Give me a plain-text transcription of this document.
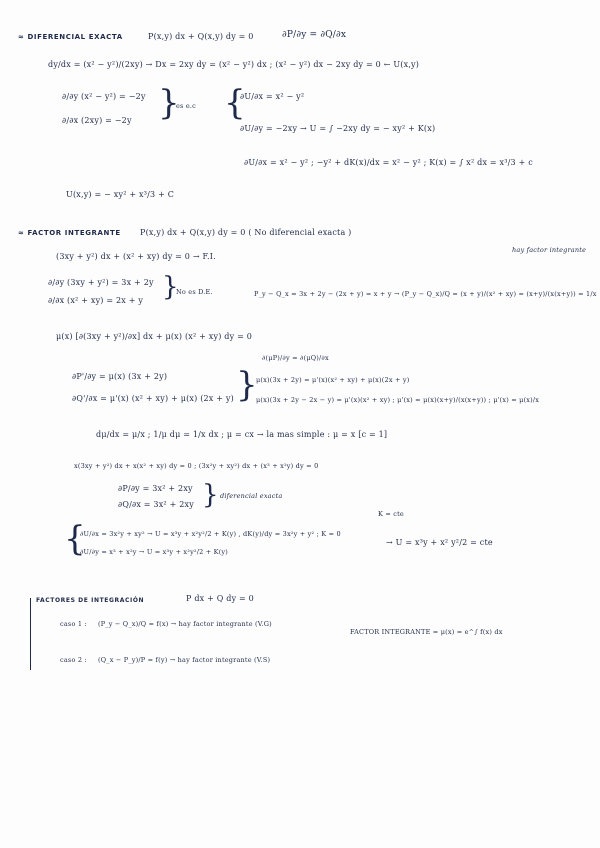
≈ DIFERENCIAL EXACTA	P(x,y) dx + Q(x,y) dy = 0	∂P/∂y = ∂Q/∂x
dy/dx = (x² − y²)/(2xy) → Dx = 2xy dy = (x² − y²) dx ; (x² − y²) dx − 2xy dy = 0 ← U(x,y)
∂/∂y (x² − y²) = −2y
∂/∂x (2xy) = −2y }
es e.c {
∂U/∂x = x² − y²
∂U/∂y = −2xy → U = ∫ −2xy dy = − xy² + K(x)
∂U/∂x = x² − y² ; −y² + dK(x)/dx = x² − y² ; K(x) = ∫ x² dx = x³/3 + c
U(x,y) = − xy² + x³/3 + C
≈ FACTOR INTEGRANTE P(x,y) dx + Q(x,y) dy = 0 ( No diferencial exacta )
hay factor integrante
(3xy + y²) dx + (x² + xy) dy = 0 → F.I.
∂/∂y (3xy + y²) = 3x + 2y
∂/∂x (x² + xy) = 2x + y }
No es D.E.	P_y − Q_x = 3x + 2y − (2x + y) = x + y → (P_y − Q_x)/Q = (x + y)/(x² + xy) = (x+y)/(x(x+y)) = 1/x
μ(x) [∂(3xy + y²)/∂x] dx + μ(x) (x² + xy) dy = 0
∂(μP)/∂y = ∂(μQ)/∂x
∂P'/∂y = μ(x) (3x + 2y)
∂Q'/∂x = μ'(x) (x² + xy) + μ(x) (2x + y) }
μ(x)(3x + 2y) = μ'(x)(x² + xy) + μ(x)(2x + y)
μ(x)(3x + 2y − 2x − y) = μ'(x)(x² + xy) ; μ'(x) = μ(x)(x+y)/(x(x+y)) ; μ'(x) = μ(x)/x
dμ/dx = μ/x ; 1/μ dμ = 1/x dx ; μ = cx → la mas simple : μ = x [c = 1]
x(3xy + y²) dx + x(x² + xy) dy = 0 ; (3x²y + xy²) dx + (x³ + x²y) dy = 0
∂P/∂y = 3x² + 2xy
∂Q/∂x = 3x² + 2xy } diferencial exacta
{
∂U/∂x = 3x²y + xy² → U = x³y + x²y²/2 + K(y) , dK(y)/dy = 3x²y + y² ; K = 0
∂U/∂y = x³ + x²y → U = x³y + x²y²/2 + K(y)
K = cte
→ U = x³y + x² y²/2 = cte
FACTORES DE INTEGRACIÓN	P dx + Q dy = 0
caso 1 : (P_y − Q_x)/Q = f(x) → hay factor integrante (V.G)
caso 2 : (Q_x − P_y)/P = f(y) → hay factor integrante (V.S)
FACTOR INTEGRANTE = μ(x) = e^∫ f(x) dx
